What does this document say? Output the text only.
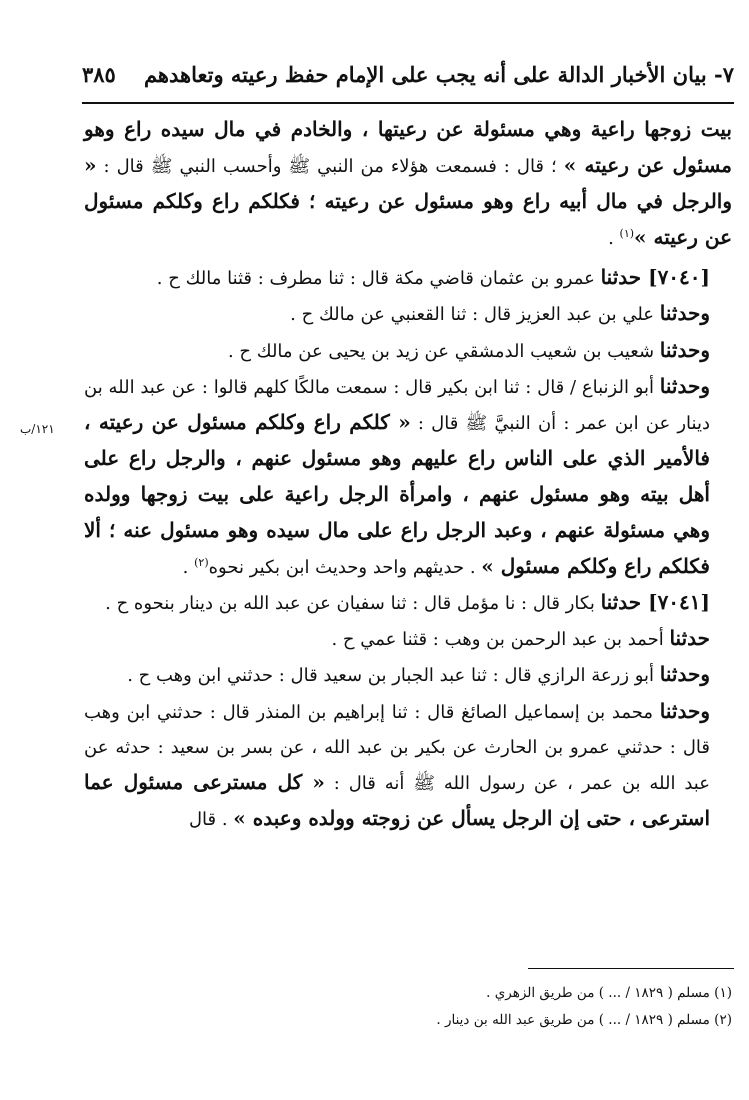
٧- بيان الأخبار الدالة على أنه يجب على الإمام حفظ رعيته وتعاهدهم
٣٨٥
١٢١/ب

بيت زوجها راعية وهي مسئولة عن رعيتها ، والخادم في مال سيده راع وهو مسئول عن رعيته » ؛ قال : فسمعت هؤلاء من النبي ﷺ وأحسب النبي ﷺ قال : « والرجل في مال أبيه راع وهو مسئول عن رعيته ؛ فكلكم راع وكلكم مسئول عن رعيته »$^{(١)}$ .

[٧٠٤٠] حدثنا عمرو بن عثمان قاضي مكة قال : ثنا مطرف : قثنا مالك ح .

وحدثنا علي بن عبد العزيز قال : ثنا القعنبي عن مالك ح .

وحدثنا شعيب بن شعيب الدمشقي عن زيد بن يحيى عن مالك ح .

وحدثنا أبو الزنباع / قال : ثنا ابن بكير قال : سمعت مالكًا كلهم قالوا : عن عبد الله بن دينار عن ابن عمر : أن النبيَّ ﷺ قال : « كلكم راع وكلكم مسئول عن رعيته ، فالأمير الذي على الناس راع عليهم وهو مسئول عنهم ، والرجل راع على أهل بيته وهو مسئول عنهم ، وامرأة الرجل راعية على بيت زوجها وولده وهي مسئولة عنهم ، وعبد الرجل راع على مال سيده وهو مسئول عنه ؛ ألا فكلكم راع وكلكم مسئول » . حديثهم واحد وحديث ابن بكير نحوه$^{(٢)}$ .

[٧٠٤١] حدثنا بكار قال : نا مؤمل قال : ثنا سفيان عن عبد الله بن دينار بنحوه ح .

حدثنا أحمد بن عبد الرحمن بن وهب : قثنا عمي ح .

وحدثنا أبو زرعة الرازي قال : ثنا عبد الجبار بن سعيد قال : حدثني ابن وهب ح .

وحدثنا محمد بن إسماعيل الصائغ قال : ثنا إبراهيم بن المنذر قال : حدثني ابن وهب قال : حدثني عمرو بن الحارث عن بكير بن عبد الله ، عن بسر بن سعيد : حدثه عن عبد الله بن عمر ، عن رسول الله ﷺ أنه قال : « كل مسترعى مسئول عما استرعى ، حتى إن الرجل يسأل عن زوجته وولده وعبده » . قال

(١) مسلم ( ١٨٢٩ / ... ) من طريق الزهري .

(٢) مسلم ( ١٨٢٩ / ... ) من طريق عبد الله بن دينار .
